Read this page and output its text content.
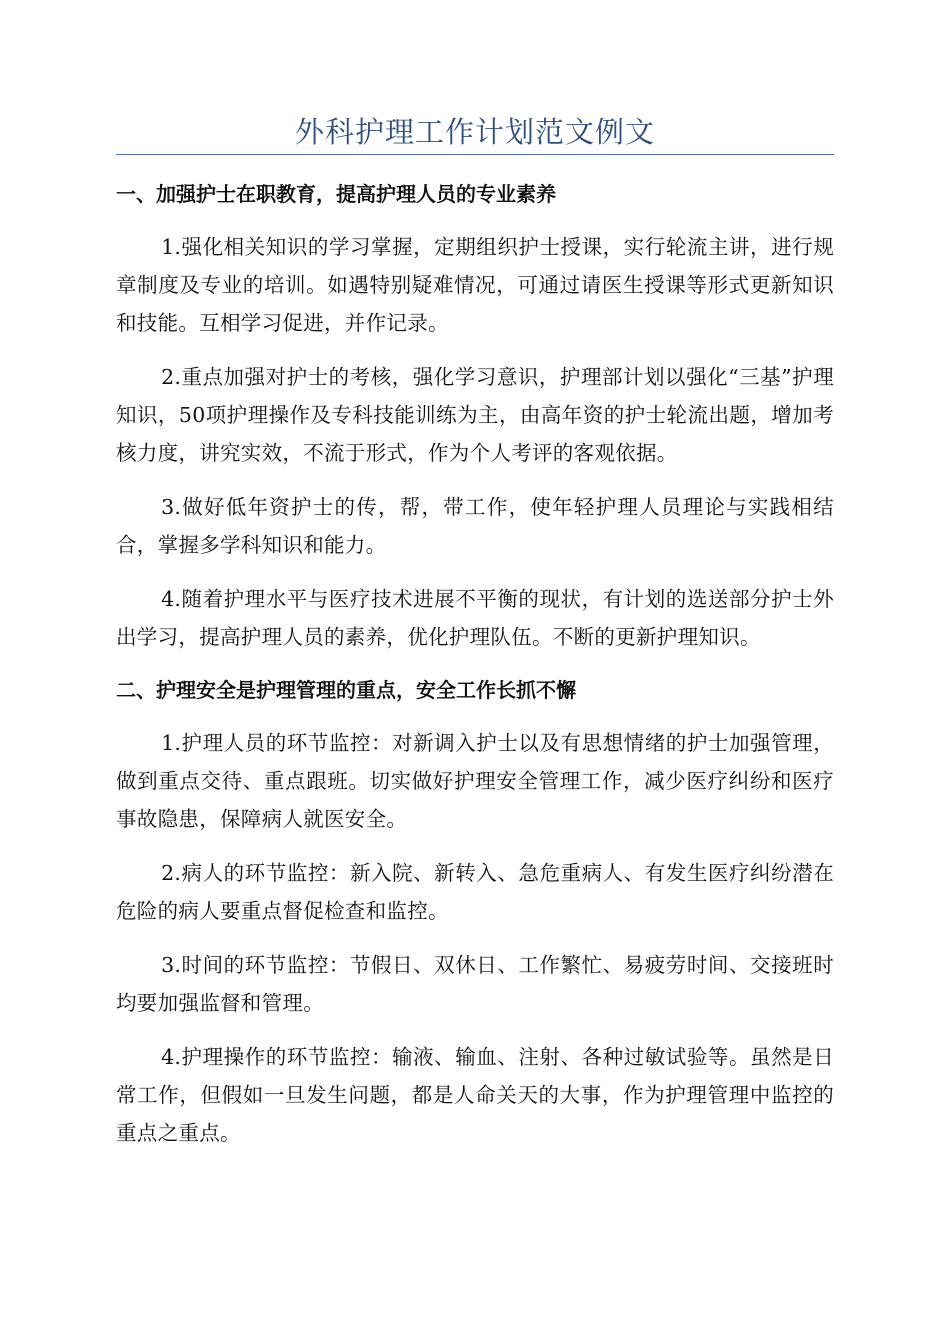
外科护理工作计划范文例文
一、加强护士在职教育，提高护理人员的专业素养

1.强化相关知识的学习掌握，定期组织护士授课，实行轮流主讲，进行规章制度及专业的培训。如遇特别疑难情况，可通过请医生授课等形式更新知识和技能。互相学习促进，并作记录。

2.重点加强对护士的考核，强化学习意识，护理部计划以强化“三基”护理知识，50项护理操作及专科技能训练为主，由高年资的护士轮流出题，增加考核力度，讲究实效，不流于形式，作为个人考评的客观依据。

3.做好低年资护士的传，帮，带工作，使年轻护理人员理论与实践相结合，掌握多学科知识和能力。

4.随着护理水平与医疗技术进展不平衡的现状，有计划的选送部分护士外出学习，提高护理人员的素养，优化护理队伍。不断的更新护理知识。

二、护理安全是护理管理的重点，安全工作长抓不懈

1.护理人员的环节监控：对新调入护士以及有思想情绪的护士加强管理，做到重点交待、重点跟班。切实做好护理安全管理工作，减少医疗纠纷和医疗事故隐患，保障病人就医安全。

2.病人的环节监控：新入院、新转入、急危重病人、有发生医疗纠纷潜在危险的病人要重点督促检查和监控。

3.时间的环节监控：节假日、双休日、工作繁忙、易疲劳时间、交接班时均要加强监督和管理。

4.护理操作的环节监控：输液、输血、注射、各种过敏试验等。虽然是日常工作，但假如一旦发生问题，都是人命关天的大事，作为护理管理中监控的重点之重点。
